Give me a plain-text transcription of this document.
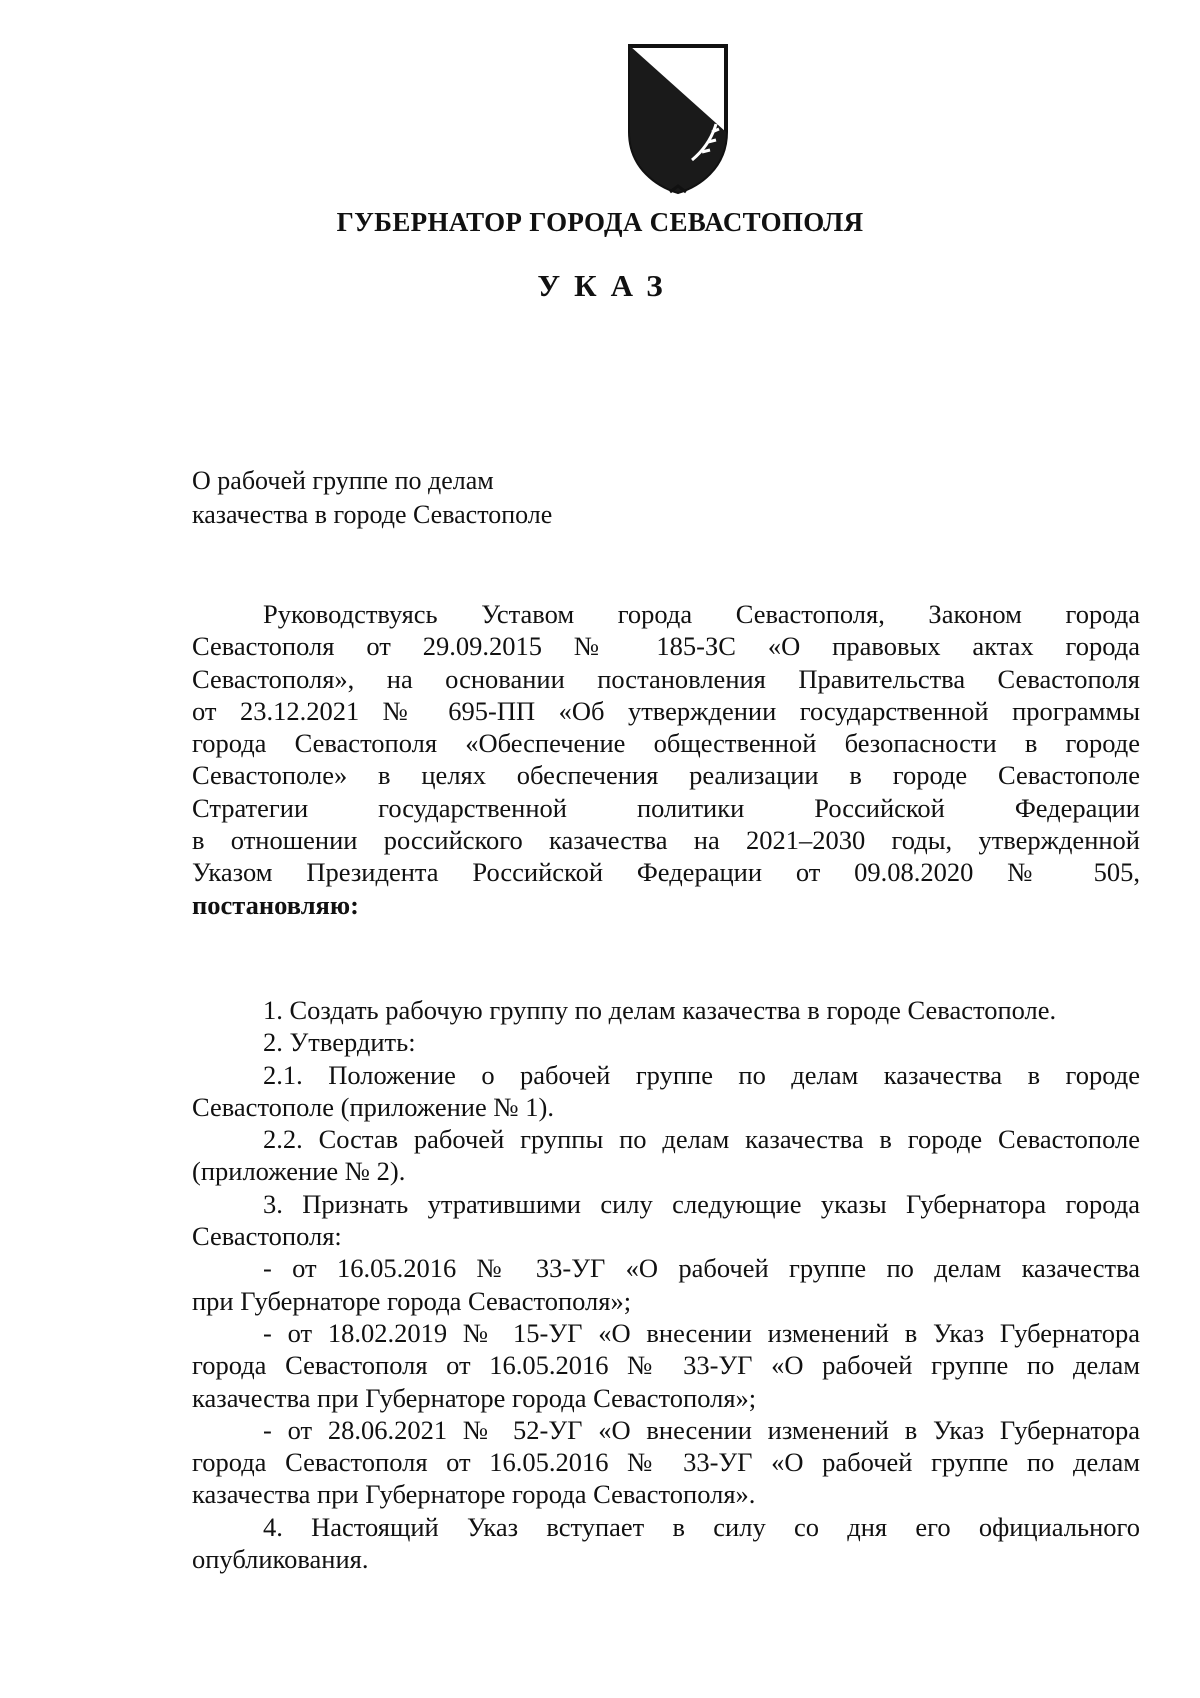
ГУБЕРНАТОР ГОРОДА СЕВАСТОПОЛЯ
УКАЗ
О рабочей группе по делам
казачества в городе Севастополе
Руководствуясь Уставом города Севастополя, Законом города
Севастополя от 29.09.2015 № 185-ЗС «О правовых актах города
Севастополя», на основании постановления Правительства Севастополя
от 23.12.2021 № 695-ПП «Об утверждении государственной программы
города Севастополя «Обеспечение общественной безопасности в городе
Севастополе» в целях обеспечения реализации в городе Севастополе
Стратегии государственной политики Российской Федерации
в отношении российского казачества на 2021–2030 годы, утвержденной
Указом Президента Российской Федерации от 09.08.2020 № 505,
постановляю:
1. Создать рабочую группу по делам казачества в городе Севастополе.
2. Утвердить:
2.1. Положение о рабочей группе по делам казачества в городе
Севастополе (приложение № 1).
2.2. Состав рабочей группы по делам казачества в городе Севастополе
(приложение № 2).
3. Признать утратившими силу следующие указы Губернатора города
Севастополя:
- от 16.05.2016 № 33-УГ «О рабочей группе по делам казачества
при Губернаторе города Севастополя»;
- от 18.02.2019 № 15-УГ «О внесении изменений в Указ Губернатора
города Севастополя от 16.05.2016 № 33-УГ «О рабочей группе по делам
казачества при Губернаторе города Севастополя»;
- от 28.06.2021 № 52-УГ «О внесении изменений в Указ Губернатора
города Севастополя от 16.05.2016 № 33-УГ «О рабочей группе по делам
казачества при Губернаторе города Севастополя».
4. Настоящий Указ вступает в силу со дня его официального
опубликования.
